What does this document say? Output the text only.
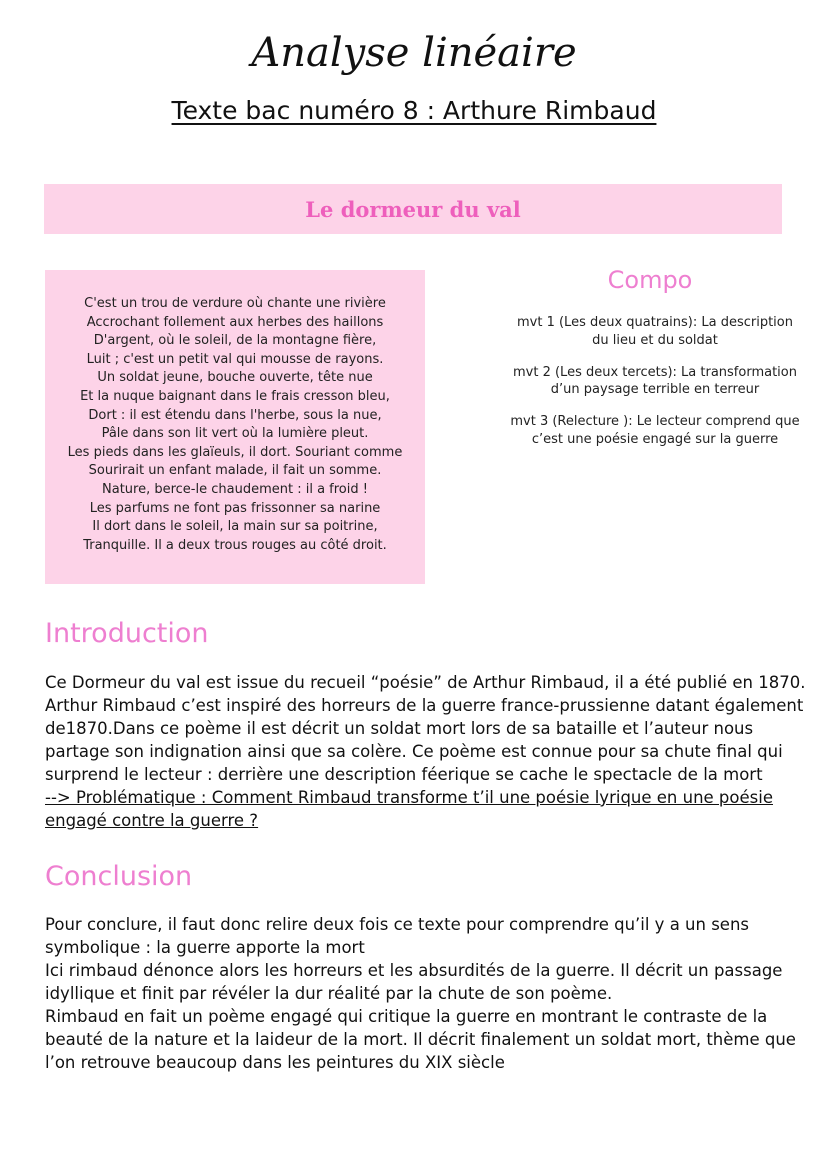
Analyse linéaire
Texte bac numéro 8 : Arthure Rimbaud
Le dormeur du val
C'est un trou de verdure où chante une rivière
Accrochant follement aux herbes des haillons
D'argent, où le soleil, de la montagne fière,
Luit ; c'est un petit val qui mousse de rayons.
Un soldat jeune, bouche ouverte, tête nue
Et la nuque baignant dans le frais cresson bleu,
Dort : il est étendu dans l'herbe, sous la nue,
Pâle dans son lit vert où la lumière pleut.
Les pieds dans les glaïeuls, il dort. Souriant comme
Sourirait un enfant malade, il fait un somme.
Nature, berce-le chaudement : il a froid !
Les parfums ne font pas frissonner sa narine
Il dort dans le soleil, la main sur sa poitrine,
Tranquille. Il a deux trous rouges au côté droit.
Compo
mvt 1 (Les deux quatrains): La description du lieu et du soldat
mvt 2 (Les deux tercets): La transformation d’un paysage terrible en terreur
mvt 3 (Relecture ): Le lecteur comprend que c’est une poésie engagé sur la guerre
Introduction
Ce Dormeur du val est issue du recueil “poésie” de Arthur Rimbaud, il a été publié en 1870. Arthur Rimbaud c’est inspiré des horreurs de la guerre france-prussienne datant également de1870.Dans ce poème il est décrit un soldat mort lors de sa bataille et l’auteur nous partage son indignation ainsi que sa colère. Ce poème est connue pour sa chute final qui surprend le lecteur : derrière une description féerique se cache le spectacle de la mort
--> Problématique : Comment Rimbaud transforme t’il une poésie lyrique en une poésie engagé contre la guerre ?
Conclusion
Pour conclure, il faut donc relire deux fois ce texte pour comprendre qu’il y a un sens symbolique : la guerre apporte la mort
Ici rimbaud dénonce alors les horreurs et les absurdités de la guerre. Il décrit un passage idyllique et finit par révéler la dur réalité par la chute de son poème.
Rimbaud en fait un poème engagé qui critique la guerre en montrant le contraste de la beauté de la nature et la laideur de la mort. Il décrit finalement un soldat mort, thème que l’on retrouve beaucoup dans les peintures du XIX siècle
